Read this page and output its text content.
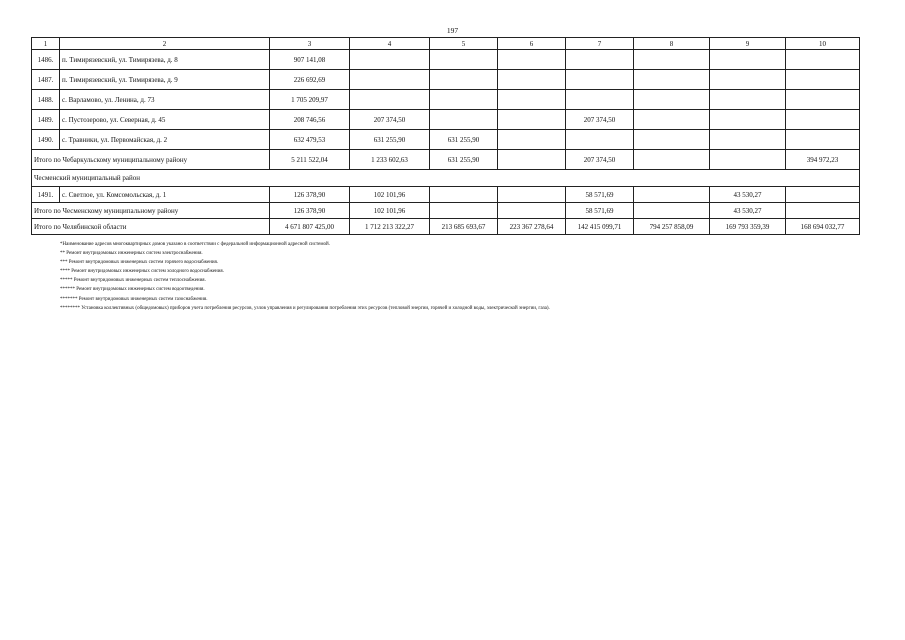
197
1	2	3	4	5	6	7	8	9	10
1486.	п. Тимирязевский, ул. Тимирязева, д. 8	907 141,08							
1487.	п. Тимирязевский, ул. Тимирязева, д. 9	226 692,69							
1488.	с. Варламово, ул. Ленина, д. 73	1 705 209,97							
1489.	с. Пустозерово, ул. Северная, д. 45	208 746,56	207 374,50			207 374,50			
1490.	с. Травники, ул. Первомайская, д. 2	632 479,53	631 255,90	631 255,90					
Итого по Чебаркульскому муниципальному району		5 211 522,04	1 233 602,63	631 255,90		207 374,50			394 972,23
Чесменский муниципальный район									
1491.	с. Светлое, ул. Комсомольская, д. 1	126 378,90	102 101,96			58 571,69		43 530,27	
Итого по Чесменскому муниципальному району		126 378,90	102 101,96			58 571,69		43 530,27	
Итого по Челябинской области		4 671 807 425,00	1 712 213 322,27	213 685 693,67	223 367 278,64	142 415 099,71	794 257 858,09	169 793 359,39	168 694 032,77
*Наименование адресов многоквартирных домов указано в соответствии с федеральной информационной адресной системой.
** Ремонт внутридомовых инженерных систем электроснабжения.
*** Ремонт внутридомовых инженерных систем горячего водоснабжения.
**** Ремонт внутридомовых инженерных систем холодного водоснабжения.
***** Ремонт внутридомовых инженерных систем теплоснабжения.
****** Ремонт внутридомовых инженерных систем водоотведения.
******* Ремонт внутридомовых инженерных систем газоснабжения.
******** Установка коллективных (общедомовых) приборов учета потребления ресурсов, узлов управления и регулирования потребления этих ресурсов (тепловой энергии, горячей и холодной воды, электрической энергии, газа).
